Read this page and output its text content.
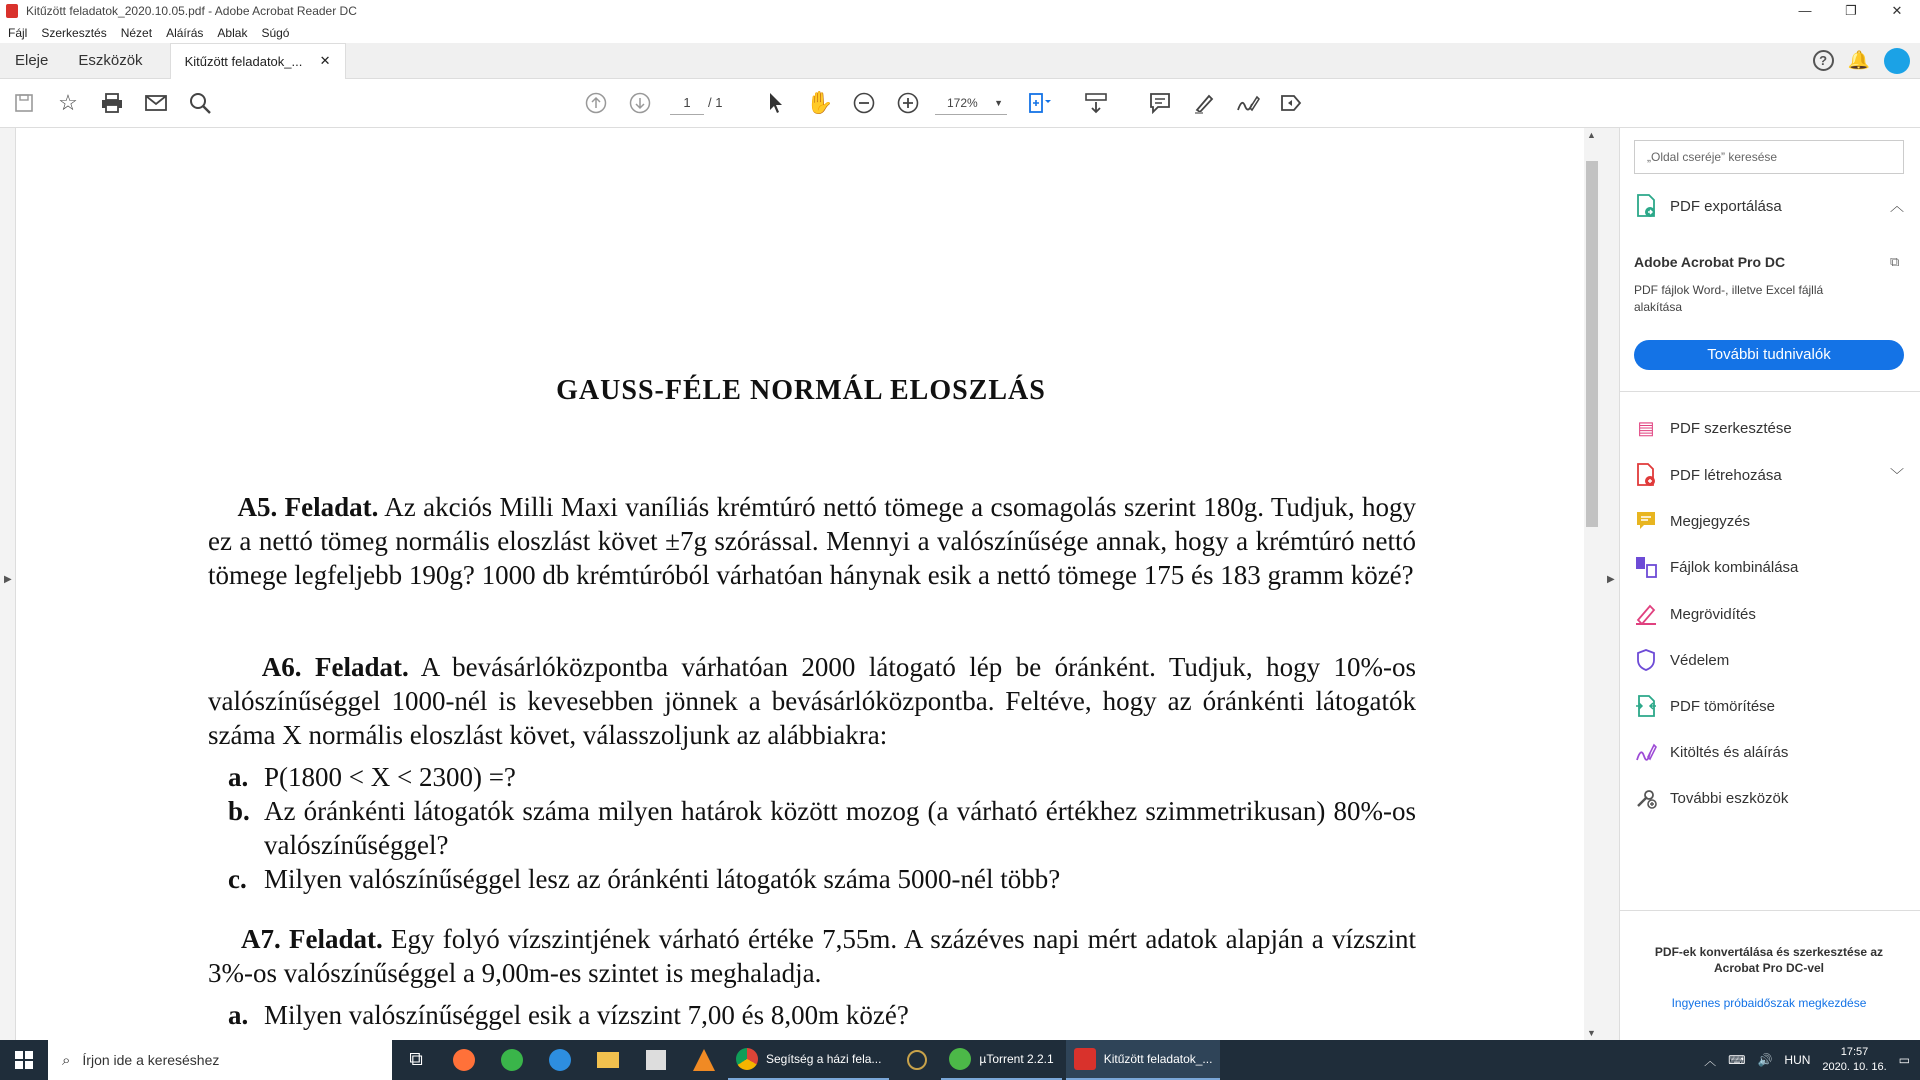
Kitűzött feladatok_2020.10.05.pdf - Adobe Acrobat Reader DC	—	❐	✕
Fájl Szerkesztés Nézet Aláírás Ablak Súgó
Eleje	Eszközök	Kitűzött feladatok_... ✕	?	🔔
☆	1	/ 1	✋	172% ▼
▶
GAUSS-FÉLE NORMÁL ELOSZLÁS
A5. Feladat. Az akciós Milli Maxi vaníliás krémtúró nettó tömege a csomagolás szerint 180g. Tudjuk, hogy ez a nettó tömeg normális eloszlást követ ±7g szórással. Mennyi a valószínűsége annak, hogy a krémtúró nettó tömege legfeljebb 190g? 1000 db krémtúróból várhatóan hánynak esik a nettó tömege 175 és 183 gramm közé?
A6. Feladat. A bevásárlóközpontba várhatóan 2000 látogató lép be óránként. Tudjuk, hogy 10%-os valószínűséggel 1000-nél is kevesebben jönnek a bevásárlóközpontba. Feltéve, hogy az óránkénti látogatók száma X normális eloszlást követ, válasszoljunk az alábbiakra:
a. P(1800 < X < 2300) =?
b. Az óránkénti látogatók száma milyen határok között mozog (a várható értékhez szimmetrikusan) 80%-os valószínűséggel?
c. Milyen valószínűséggel lesz az óránkénti látogatók száma 5000-nél több?
A7. Feladat. Egy folyó vízszintjének várható értéke 7,55m. A százéves napi mért adatok alapján a vízszint 3%-os valószínűséggel a 9,00m-es szintet is meghaladja.
a. Milyen valószínűséggel esik a vízszint 7,00 és 8,00m közé?
▲
▼
▶
„Oldal cseréje” keresése
PDF exportálása	︿
Adobe Acrobat Pro DC	⧉
PDF fájlok Word-, illetve Excel fájllá alakítása
További tudnivalók
▤ PDF szerkesztése
PDF létrehozása	﹀
Megjegyzés
Fájlok kombinálása
Megrövidítés
Védelem
PDF tömörítése
Kitöltés és aláírás
További eszközök
PDF-ek konvertálása és szerkesztése az Acrobat Pro DC-vel
Ingyenes próbaidőszak megkezdése
⌕ Írjon ide a kereséshez	⧉	Segítség a házi fela...	µTorrent 2.2.1	Kitűzött feladatok_...	︿ ⌨ 🔊 HUN
17:57
2020. 10. 16. ▭
